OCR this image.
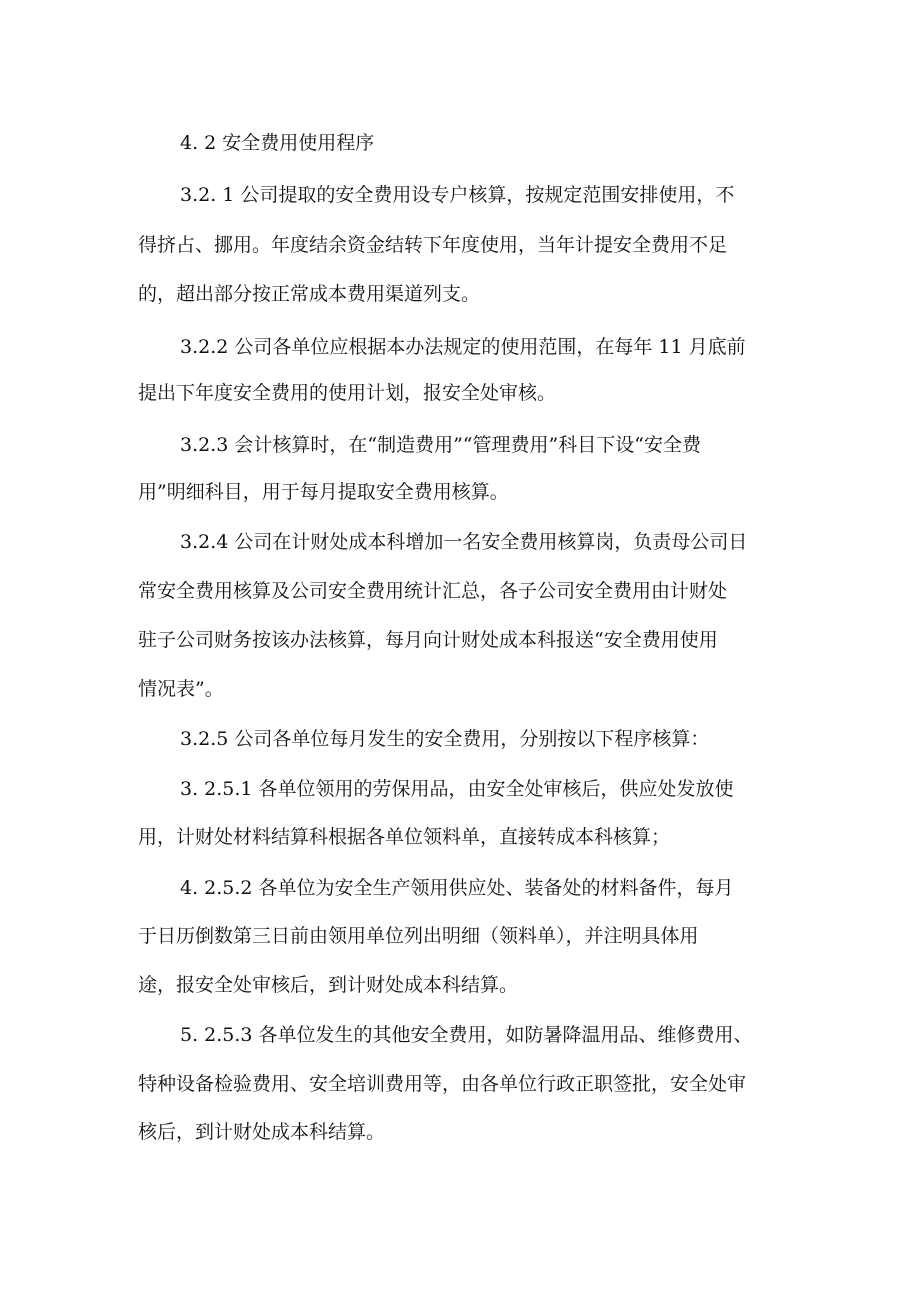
4. 2 安全费用使用程序
3.2. 1 公司提取的安全费用设专户核算，按规定范围安排使用，不
得挤占、挪用。年度结余资金结转下年度使用，当年计提安全费用不足
的，超出部分按正常成本费用渠道列支。
3.2.2 公司各单位应根据本办法规定的使用范围，在每年 11 月底前
提出下年度安全费用的使用计划，报安全处审核。
3.2.3 会计核算时，在“制造费用”“管理费用”科目下设“安全费
用”明细科目，用于每月提取安全费用核算。
3.2.4 公司在计财处成本科增加一名安全费用核算岗，负责母公司日
常安全费用核算及公司安全费用统计汇总，各子公司安全费用由计财处
驻子公司财务按该办法核算，每月向计财处成本科报送“安全费用使用
情况表”。
3.2.5 公司各单位每月发生的安全费用，分别按以下程序核算：
3. 2.5.1 各单位领用的劳保用品，由安全处审核后，供应处发放使
用，计财处材料结算科根据各单位领料单，直接转成本科核算；
4. 2.5.2 各单位为安全生产领用供应处、装备处的材料备件，每月
于日历倒数第三日前由领用单位列出明细（领料单），并注明具体用
途，报安全处审核后，到计财处成本科结算。
5. 2.5.3 各单位发生的其他安全费用，如防暑降温用品、维修费用、
特种设备检验费用、安全培训费用等，由各单位行政正职签批，安全处审
核后，到计财处成本科结算。
